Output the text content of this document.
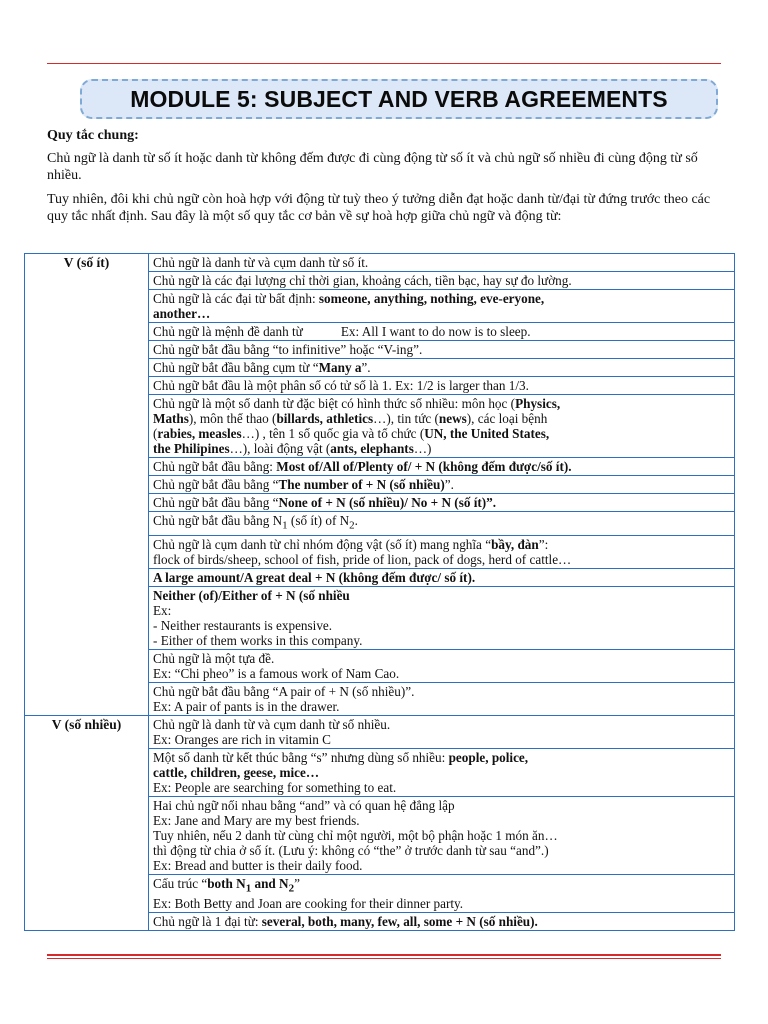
MODULE 5: SUBJECT AND VERB AGREEMENTS

Quy tắc chung:

Chủ ngữ là danh từ số ít hoặc danh từ không đếm được đi cùng động từ số ít và chủ ngữ số nhiều đi cùng động từ số nhiều.

Tuy nhiên, đôi khi chủ ngữ còn hoà hợp với động từ tuỳ theo ý tưởng diễn đạt hoặc danh từ/đại từ đứng trước theo các quy tắc nhất định. Sau đây là một số quy tắc cơ bản về sự hoà hợp giữa chủ ngữ và động từ:

V (số ít)	Chủ ngữ là danh từ và cụm danh từ số ít.
	Chủ ngữ là các đại lượng chỉ thời gian, khoảng cách, tiền bạc, hay sự đo lường.

	Chủ ngữ là các đại từ bất định: someone, anything, nothing, eve-eryone,
another…

	Chủ ngữ là mệnh đề danh từ Ex: All I want to do now is to sleep.
	Chủ ngữ bắt đầu bằng “to infinitive” hoặc “V-ing”.
	Chủ ngữ bắt đầu bằng cụm từ “Many a”.
	Chủ ngữ bắt đầu là một phân số có tử số là 1. Ex: 1/2 is larger than 1/3.

	Chủ ngữ là một số danh từ đặc biệt có hình thức số nhiều: môn học (Physics,
Maths), môn thể thao (billards, athletics…), tin tức (news), các loại bệnh
(rabies, measles…) , tên 1 số quốc gia và tổ chức (UN, the United States,
the Philipines…), loài động vật (ants, elephants…)

	Chủ ngữ bắt đầu bằng: Most of/All of/Plenty of/ + N (không đếm được/số ít).
	Chủ ngữ bắt đầu bằng “The number of + N (số nhiều)”.
	Chủ ngữ bắt đầu bằng “None of + N (số nhiều)/ No + N (số ít)”.
	Chủ ngữ bắt đầu bằng $N_1$ (số ít) of $N_2$.

	Chủ ngữ là cụm danh từ chỉ nhóm động vật (số ít) mang nghĩa “bầy, đàn”:
flock of birds/sheep, school of fish, pride of lion, pack of dogs, herd of cattle…

	A large amount/A great deal + N (không đếm được/ số ít).

	Neither (of)/Either of + N (số nhiều
Ex:
- Neither restaurants is expensive.
- Either of them works in this company.

	Chủ ngữ là một tựa đề.
Ex: “Chi pheo” is a famous work of Nam Cao.

	Chủ ngữ bắt đầu bằng “A pair of + N (số nhiều)”.
Ex: A pair of pants is in the drawer.

V (số nhiều)	Chủ ngữ là danh từ và cụm danh từ số nhiều.
Ex: Oranges are rich in vitamin C

	Một số danh từ kết thúc bằng “s” nhưng dùng số nhiều: people, police,
cattle, children, geese, mice…
Ex: People are searching for something to eat.

	Hai chủ ngữ nối nhau bằng “and” và có quan hệ đẳng lập
Ex: Jane and Mary are my best friends.
Tuy nhiên, nếu 2 danh từ cùng chỉ một người, một bộ phận hoặc 1 món ăn…
thì động từ chia ở số ít. (Lưu ý: không có “the” ở trước danh từ sau “and”.)
Ex: Bread and butter is their daily food.

	Cấu trúc “both $N_1$ and $N_2$”
Ex: Both Betty and Joan are cooking for their dinner party.

	Chủ ngữ là 1 đại từ: several, both, many, few, all, some + N (số nhiều).
